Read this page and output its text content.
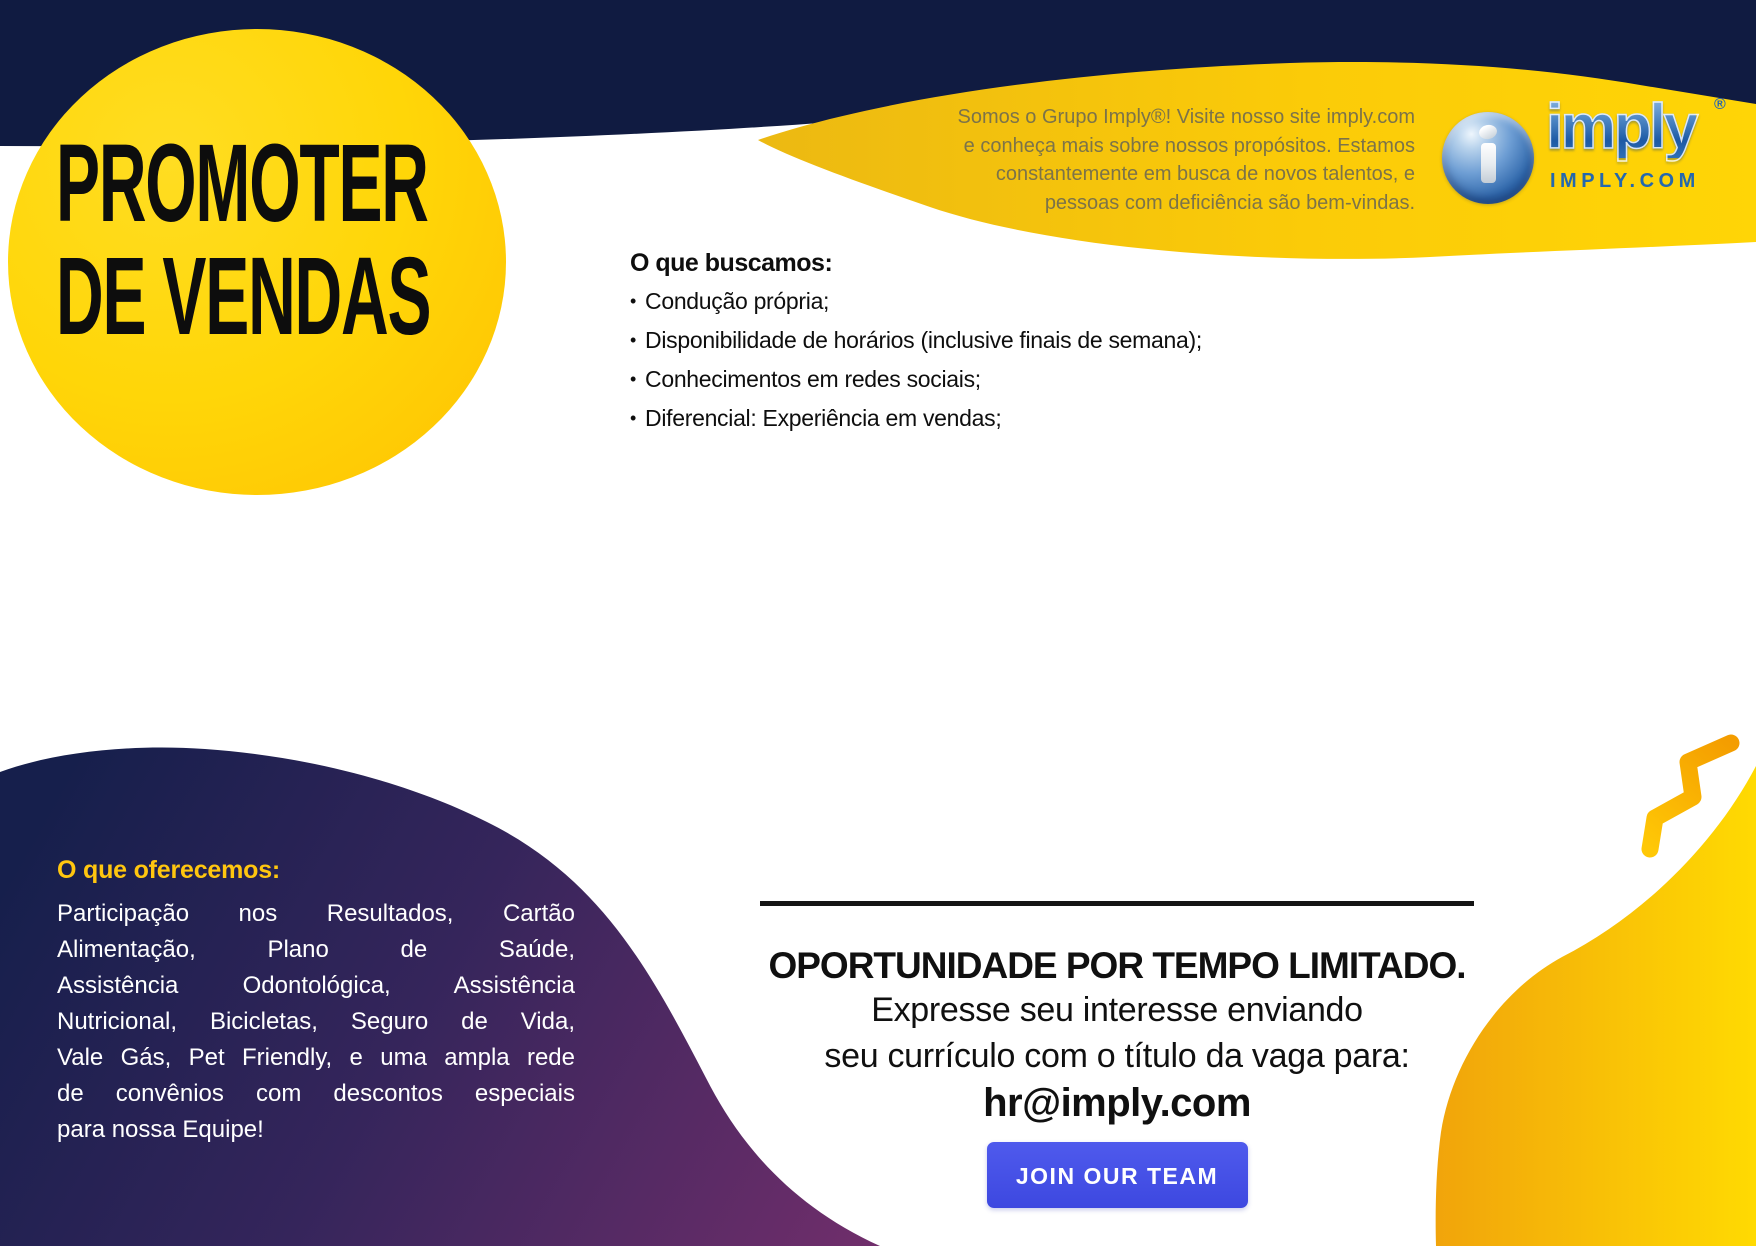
PROMOTER
DE VENDAS
Somos o Grupo Imply®! Visite nosso site imply.com
e conheça mais sobre nossos propósitos. Estamos
constantemente em busca de novos talentos, e
pessoas com deficiência são bem-vindas.
imply ®
IMPLY.COM
O que buscamos:
• Condução própria;
• Disponibilidade de horários (inclusive finais de semana);
• Conhecimentos em redes sociais;
• Diferencial: Experiência em vendas;
O que oferecemos:
Participação nos Resultados, Cartão
Alimentação, Plano de Saúde,
Assistência Odontológica, Assistência
Nutricional, Bicicletas, Seguro de Vida,
Vale Gás, Pet Friendly, e uma ampla rede
de convênios com descontos especiais
para nossa Equipe!
OPORTUNIDADE POR TEMPO LIMITADO.
Expresse seu interesse enviando
seu currículo com o título da vaga para:
hr@imply.com
JOIN OUR TEAM
